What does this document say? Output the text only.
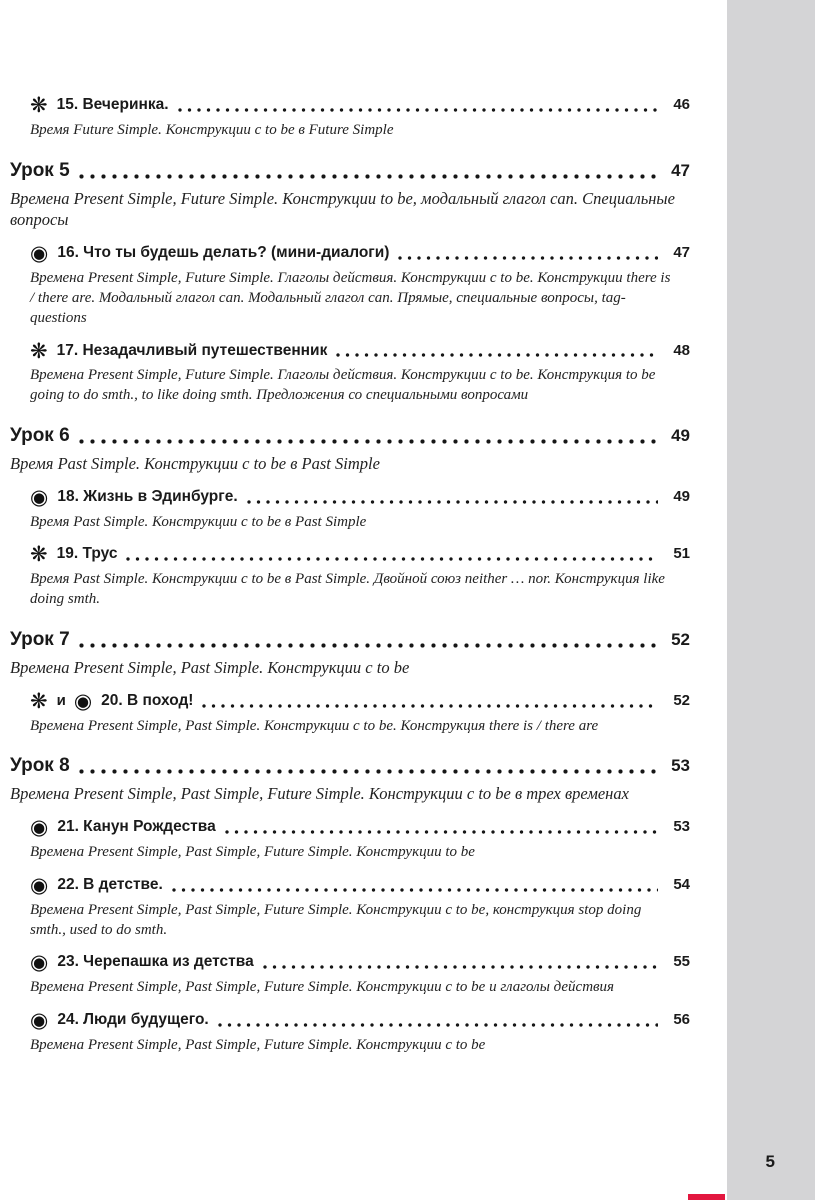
❋ 15. Вечеринка.	46
Время Future Simple. Конструкции с to be в Future Simple
Урок 5	47
Времена Present Simple, Future Simple. Конструкции to be, модальный глагол can. Специальные вопросы
◉ 16. Что ты будешь делать? (мини-диалоги)	47
Времена Present Simple, Future Simple. Глаголы действия. Конструкции с to be. Конструкции there is / there are. Модальный глагол can. Модальный глагол can. Прямые, специальные вопросы, tag-questions
❋ 17. Незадачливый путешественник	48
Времена Present Simple, Future Simple. Глаголы действия. Конструкции с to be. Конструкция to be going to do smth., to like doing smth. Предложения со специальными вопросами
Урок 6	49
Время Past Simple. Конструкции с to be в Past Simple
◉ 18. Жизнь в Эдинбурге.	49
Время Past Simple. Конструкции с to be в Past Simple
❋ 19. Трус	51
Время Past Simple. Конструкции с to be в Past Simple. Двойной союз neither … nor. Конструкция like doing smth.
Урок 7	52
Времена Present Simple, Past Simple. Конструкции с to be
❋ и ◉ 20. В поход!	52
Времена Present Simple, Past Simple. Конструкции с to be. Конструкция there is / there are
Урок 8	53
Времена Present Simple, Past Simple, Future Simple. Конструкции с to be в трех временах
◉ 21. Канун Рождества	53
Времена Present Simple, Past Simple, Future Simple. Конструкции to be
◉ 22. В детстве.	54
Времена Present Simple, Past Simple, Future Simple. Конструкции с to be, конструкция stop doing smth., used to do smth.
◉ 23. Черепашка из детства	55
Времена Present Simple, Past Simple, Future Simple. Конструкции с to be и глаголы действия
◉ 24. Люди будущего.	56
Времена Present Simple, Past Simple, Future Simple. Конструкции с to be
5
